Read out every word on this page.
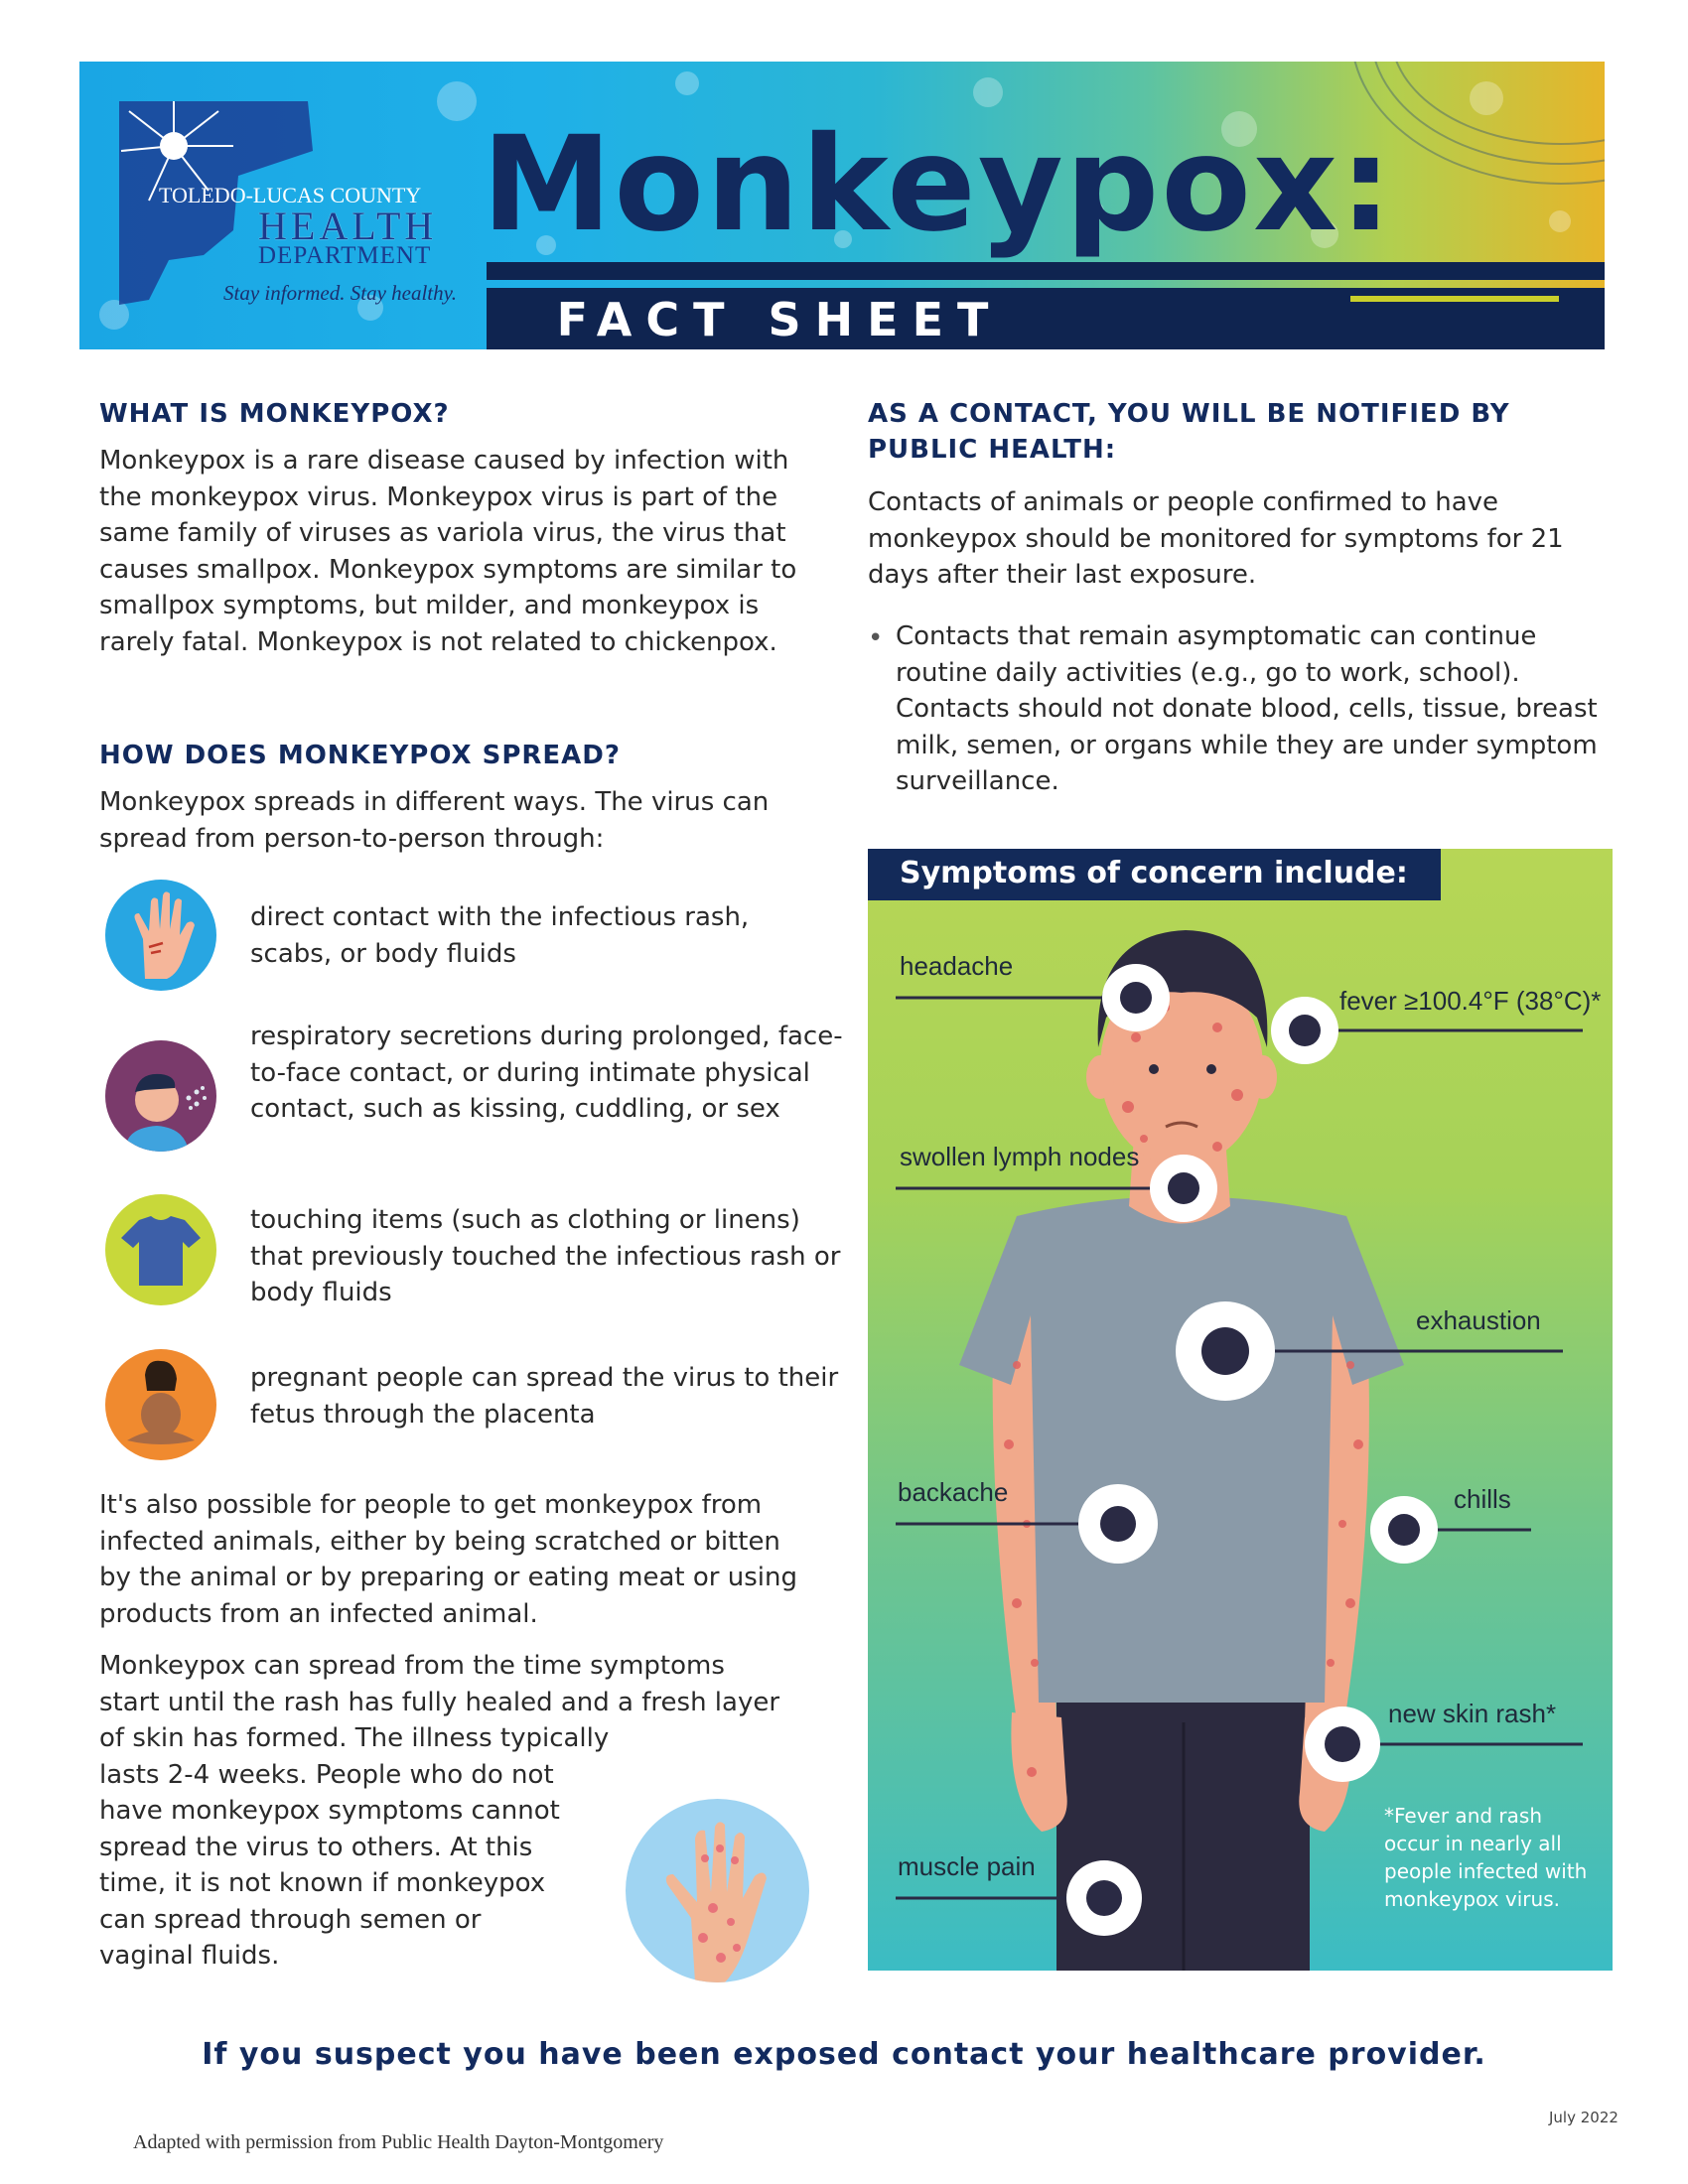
TOLEDO-LUCAS COUNTY
HEALTH
DEPARTMENT
Stay informed. Stay healthy.
Monkeypox:
FACT SHEET
WHAT IS MONKEYPOX?

Monkeypox is a rare disease caused by infection with the monkeypox virus. Monkeypox virus is part of the same family of viruses as variola virus, the virus that causes smallpox. Monkeypox symptoms are similar to smallpox symptoms, but milder, and monkeypox is rarely fatal. Monkeypox is not related to chickenpox.

HOW DOES MONKEYPOX SPREAD?

Monkeypox spreads in different ways. The virus can spread from person-to-person through:

direct contact with the infectious rash, scabs, or body fluids

respiratory secretions during prolonged, face-to-face contact, or during intimate physical contact, such as kissing, cuddling, or sex

touching items (such as clothing or linens) that previously touched the infectious rash or body fluids

pregnant people can spread the virus to their fetus through the placenta

It's also possible for people to get monkeypox from infected animals, either by being scratched or bitten by the animal or by preparing or eating meat or using products from an infected animal.

Monkeypox can spread from the time symptoms

start until the rash has fully healed and a fresh layer

of skin has formed. The illness typically

lasts 2-4 weeks. People who do not

have monkeypox symptoms cannot

spread the virus to others. At this

time, it is not known if monkeypox

can spread through semen or

vaginal fluids.

AS A CONTACT, YOU WILL BE NOTIFIED BY
PUBLIC HEALTH:

Contacts of animals or people confirmed to have monkeypox should be monitored for symptoms for 21 days after their last exposure.

• Contacts that remain asymptomatic can continue routine daily activities (e.g., go to work, school). Contacts should not donate blood, cells, tissue, breast milk, semen, or organs while they are under symptom surveillance.

Symptoms of concern include:
headache
fever ≥100.4°F (38°C)*
swollen lymph nodes
exhaustion
backache	chills
new skin rash*
muscle pain
*Fever and rash occur in nearly all people infected with monkeypox virus.

If you suspect you have been exposed contact your healthcare provider.

Adapted with permission from Public Health Dayton-Montgomery
July 2022
